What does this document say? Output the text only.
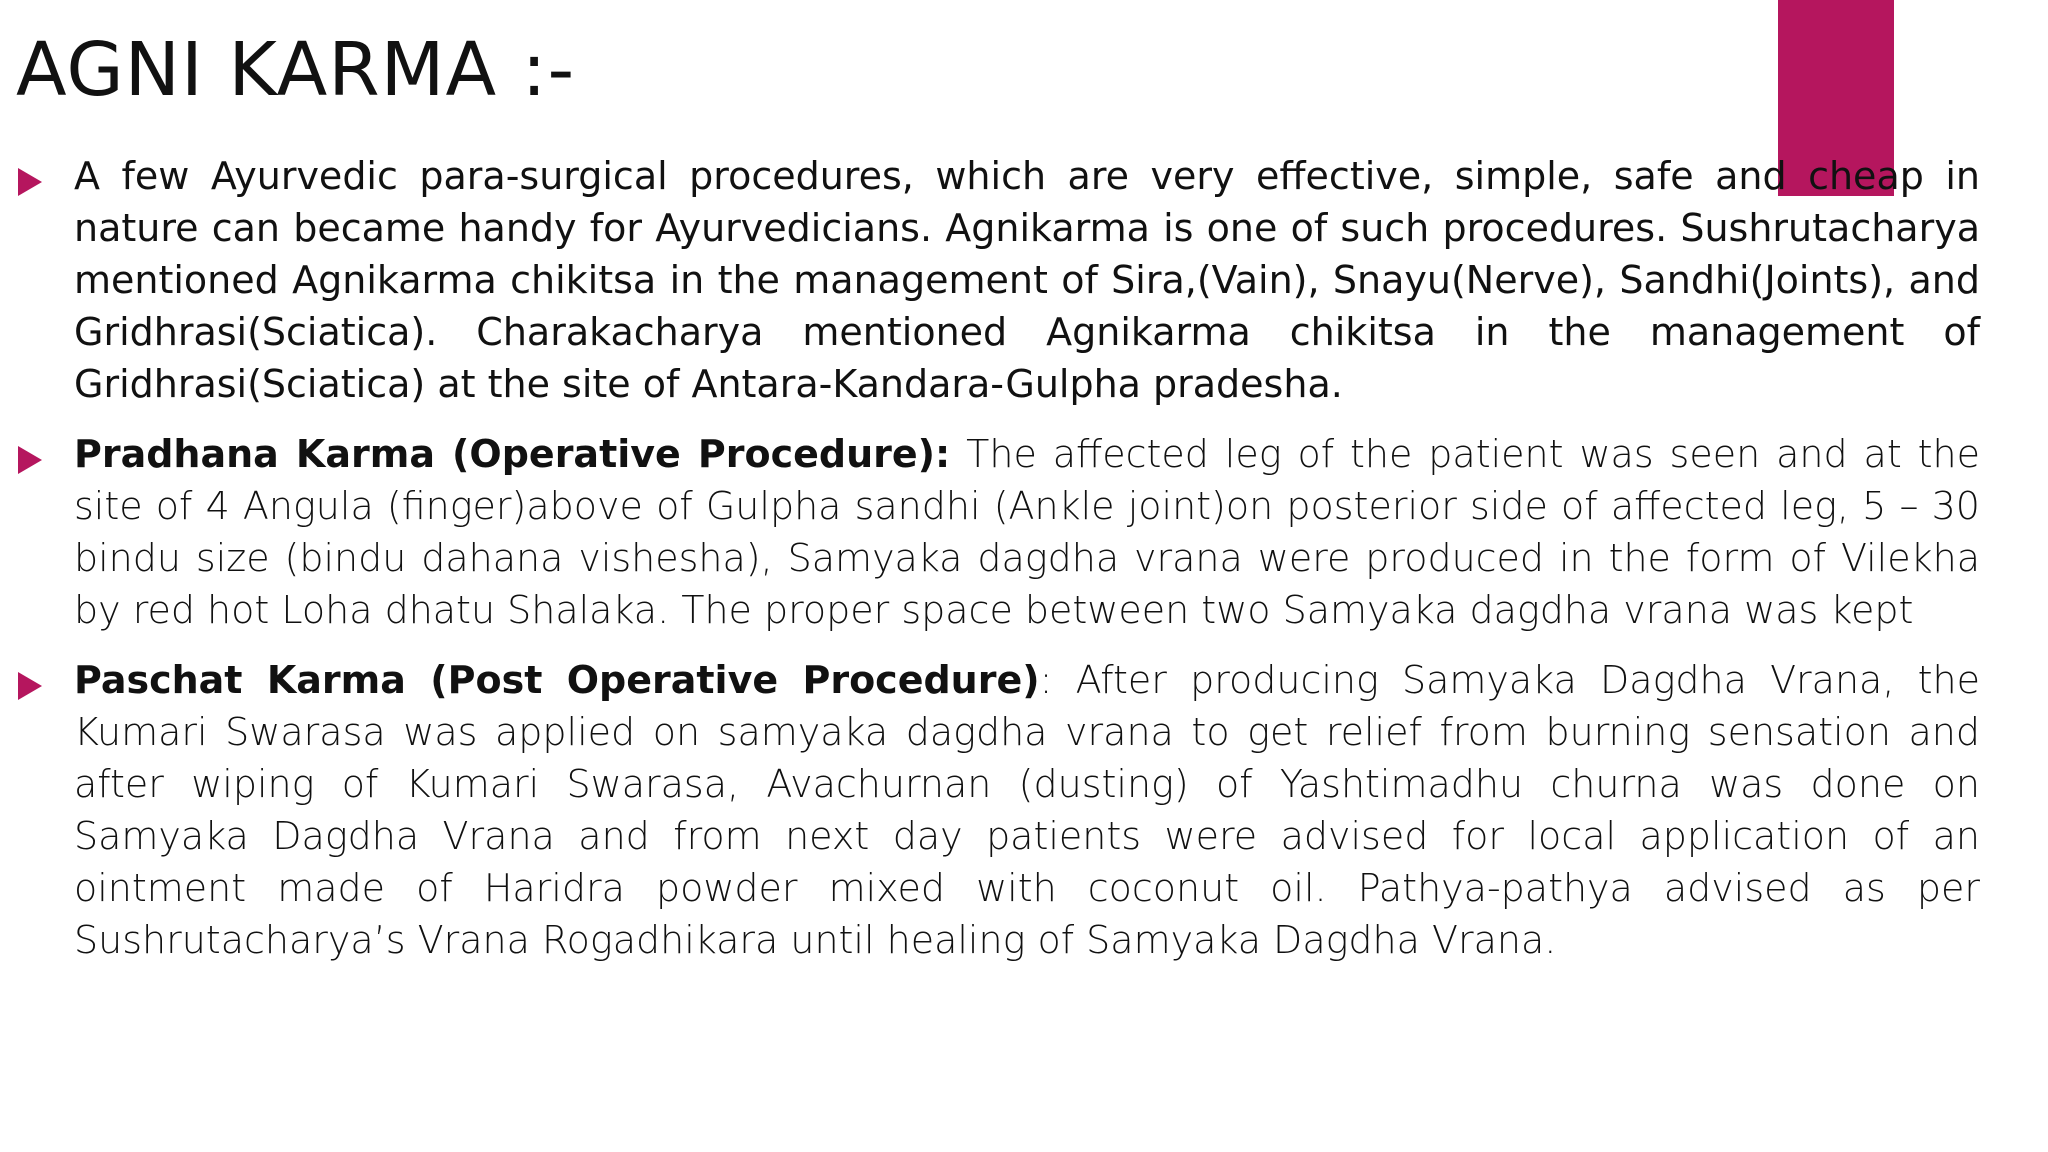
AGNI KARMA :-

A few Ayurvedic para-surgical procedures, which are very effective, simple, safe and cheap in nature can became handy for Ayurvedicians. Agnikarma is one of such procedures. Sushrutacharya mentioned Agnikarma chikitsa in the management of Sira,(Vain), Snayu(Nerve), Sandhi(Joints), and Gridhrasi(Sciatica). Charakacharya mentioned Agnikarma chikitsa in the management of Gridhrasi(Sciatica) at the site of Antara-Kandara-Gulpha pradesha.

Pradhana Karma (Operative Procedure): The affected leg of the patient was seen and at the site of 4 Angula (finger)above of Gulpha sandhi (Ankle joint)on posterior side of affected leg, 5 – 30 bindu size (bindu dahana vishesha), Samyaka dagdha vrana were produced in the form of Vilekha by red hot Loha dhatu Shalaka. The proper space between two Samyaka dagdha vrana was kept

Paschat Karma (Post Operative Procedure): After producing Samyaka Dagdha Vrana, the Kumari Swarasa was applied on samyaka dagdha vrana to get relief from burning sensation and after wiping of Kumari Swarasa, Avachurnan (dusting) of Yashtimadhu churna was done on Samyaka Dagdha Vrana and from next day patients were advised for local application of an ointment made of Haridra powder mixed with coconut oil. Pathya-pathya advised as per Sushrutacharya’s Vrana Rogadhikara until healing of Samyaka Dagdha Vrana.
